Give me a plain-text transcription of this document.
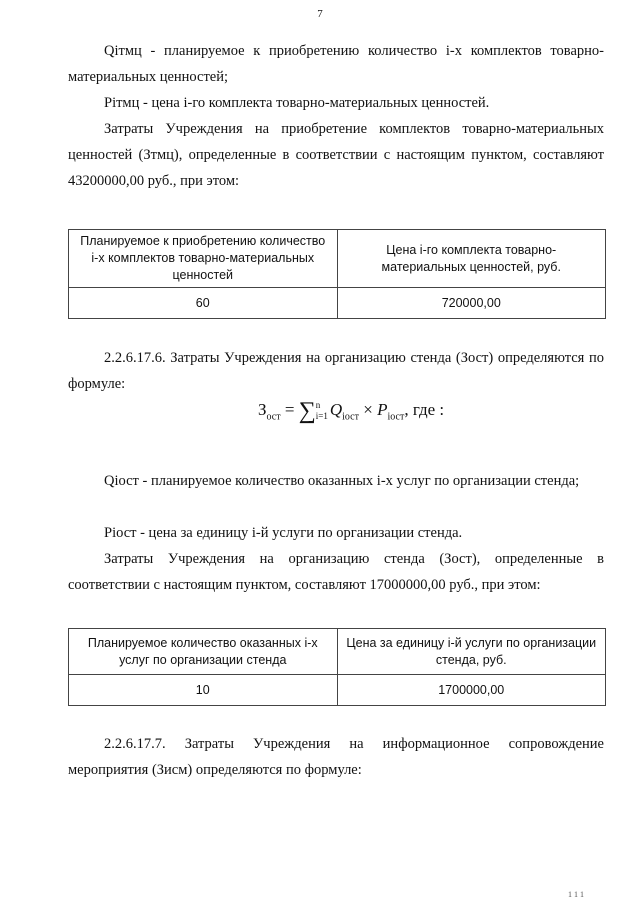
7
Qiтмц - планируемое к приобретению количество i-х комплектов товарно-материальных ценностей;
Piтмц - цена i-го комплекта товарно-материальных ценностей.
Затраты Учреждения на приобретение комплектов товарно-материальных ценностей (Зтмц), определенные в соответствии с настоящим пунктом, составляют 43200000,00 руб., при этом:
Планируемое к приобретению количество i-х комплектов товарно-материальных ценностей	Цена i-го комплекта товарно-материальных ценностей, руб.
60	720000,00
2.2.6.17.6. Затраты Учреждения на организацию стенда (Зост) определяются по формуле:
$З_{ост} = \sum n$
i=1 $Q_{iост} \times P_{iост}$, где :
Qiост - планируемое количество оказанных i-х услуг по организации стенда;
Piост - цена за единицу i-й услуги по организации стенда.
Затраты Учреждения на организацию стенда (Зост), определенные в соответствии с настоящим пунктом, составляют 17000000,00 руб., при этом:
Планируемое количество оказанных i-х услуг по организации стенда	Цена за единицу i-й услуги по организации стенда, руб.
10	1700000,00
2.2.6.17.7. Затраты Учреждения на информационное сопровождение мероприятия (Зисм) определяются по формуле:
1 1 1
